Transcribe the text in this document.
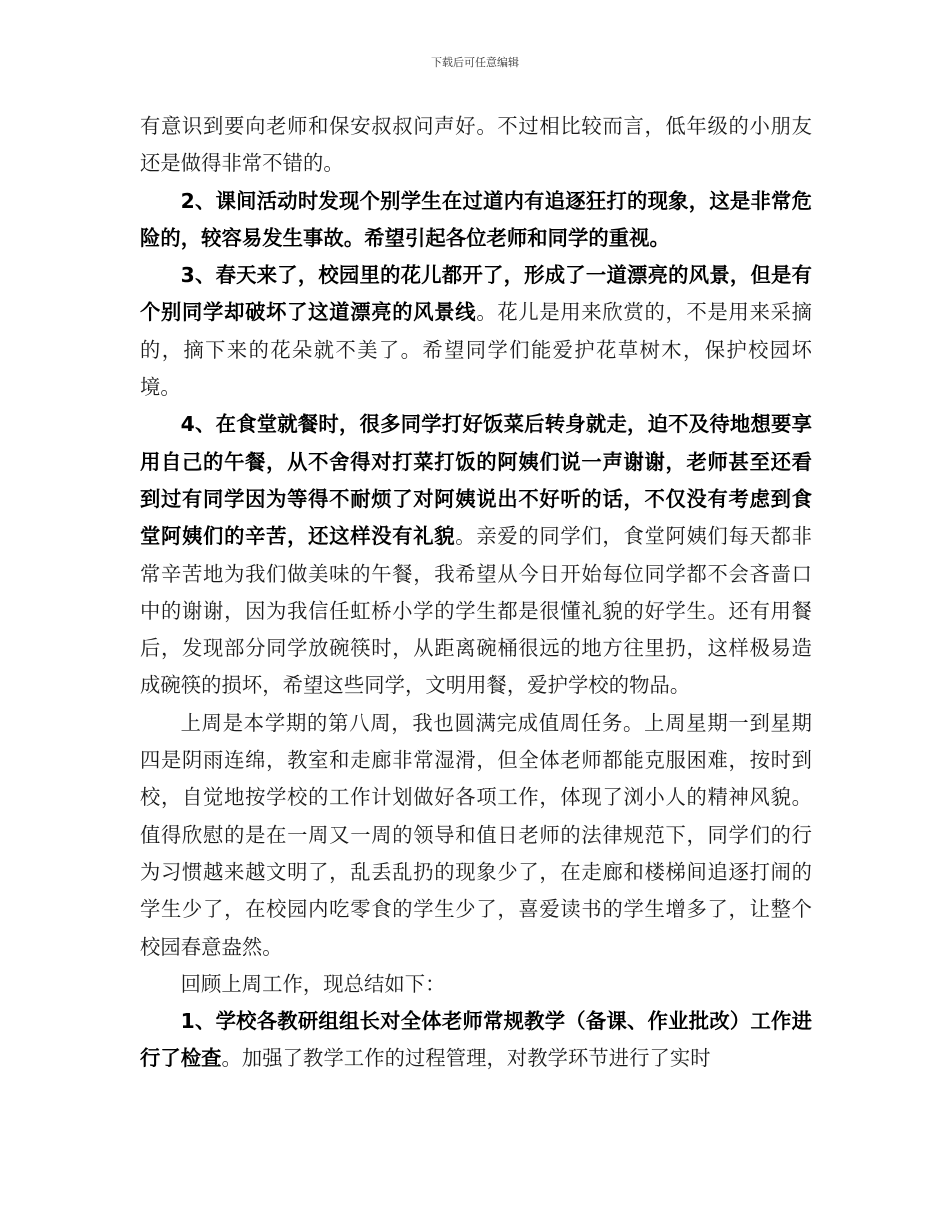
下载后可任意编辑

有意识到要向老师和保安叔叔问声好。不过相比较而言，低年级的小朋友还是做得非常不错的。

2、课间活动时发现个别学生在过道内有追逐狂打的现象，这是非常危险的，较容易发生事故。希望引起各位老师和同学的重视。

3、春天来了，校园里的花儿都开了，形成了一道漂亮的风景，但是有个别同学却破坏了这道漂亮的风景线。花儿是用来欣赏的，不是用来采摘的，摘下来的花朵就不美了。希望同学们能爱护花草树木，保护校园坏境。

4、在食堂就餐时，很多同学打好饭菜后转身就走，迫不及待地想要享用自己的午餐，从不舍得对打菜打饭的阿姨们说一声谢谢，老师甚至还看到过有同学因为等得不耐烦了对阿姨说出不好听的话，不仅没有考虑到食堂阿姨们的辛苦，还这样没有礼貌。亲爱的同学们，食堂阿姨们每天都非常辛苦地为我们做美味的午餐，我希望从今日开始每位同学都不会吝啬口中的谢谢，因为我信任虹桥小学的学生都是很懂礼貌的好学生。还有用餐后，发现部分同学放碗筷时，从距离碗桶很远的地方往里扔，这样极易造成碗筷的损坏，希望这些同学，文明用餐，爱护学校的物品。

上周是本学期的第八周，我也圆满完成值周任务。上周星期一到星期四是阴雨连绵，教室和走廊非常湿滑，但全体老师都能克服困难，按时到校，自觉地按学校的工作计划做好各项工作，体现了浏小人的精神风貌。值得欣慰的是在一周又一周的领导和值日老师的法律规范下，同学们的行为习惯越来越文明了，乱丢乱扔的现象少了，在走廊和楼梯间追逐打闹的学生少了，在校园内吃零食的学生少了，喜爱读书的学生增多了，让整个校园春意盎然。

回顾上周工作，现总结如下：

1、学校各教研组组长对全体老师常规教学（备课、作业批改）工作进行了检查。加强了教学工作的过程管理，对教学环节进行了实时
